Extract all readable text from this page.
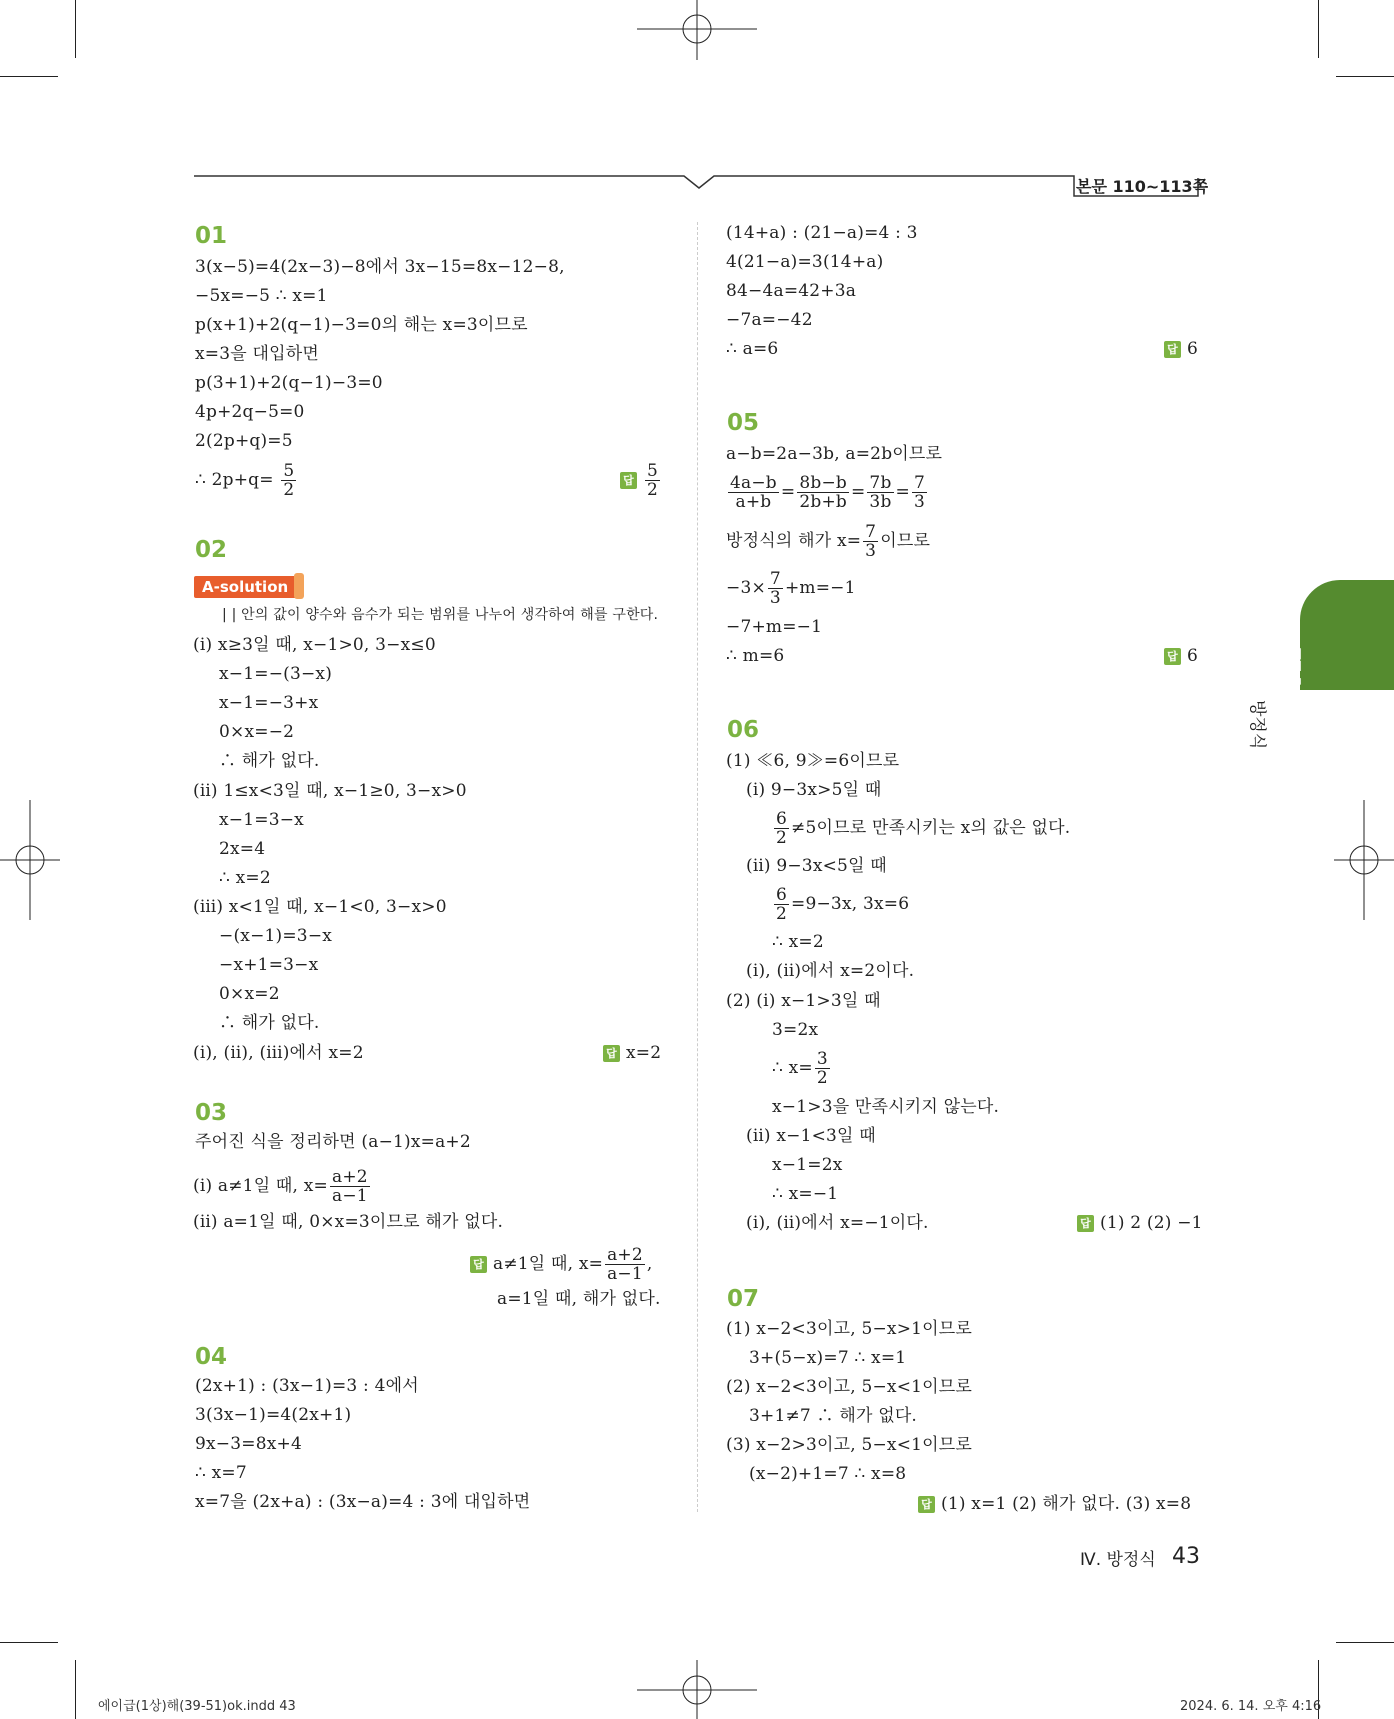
본문 110~113쪽
IV
방정식
01
3(x−5)=4(2x−3)−8에서 3x−15=8x−12−8,
−5x=−5 ∴ x=1
p(x+1)+2(q−1)−3=0의 해는 x=3이므로
x=3을 대입하면
p(3+1)+2(q−1)−3=0
4p+2q−5=0
2(2p+q)=5
∴ $2p+q= \frac{5}{2}$	답 $\frac{5}{2}$
02
A-solution
| | 안의 값이 양수와 음수가 되는 범위를 나누어 생각하여 해를 구한다.
(ⅰ) x≥3일 때, x−1>0, 3−x≤0
x−1=−(3−x)
x−1=−3+x
0×x=−2
∴ 해가 없다.
(ⅱ) 1≤x<3일 때, x−1≥0, 3−x>0
x−1=3−x
2x=4
∴ x=2
(ⅲ) x<1일 때, x−1<0, 3−x>0
−(x−1)=3−x
−x+1=3−x
0×x=2
∴ 해가 없다.
(ⅰ), (ⅱ), (ⅲ)에서 x=2	답 x=2
03
주어진 식을 정리하면 (a−1)x=a+2
(ⅰ) a≠1일 때, $x= \frac{a+2}{a-1}$
(ⅱ) a=1일 때, 0×x=3이므로 해가 없다.
답 a≠1일 때, $x= \frac{a+2}{a-1}$ ,
a=1일 때, 해가 없다.
04
(2x+1) : (3x−1)=3 : 4에서
3(3x−1)=4(2x+1)
9x−3=8x+4
∴ x=7
x=7을 (2x+a) : (3x−a)=4 : 3에 대입하면
(14+a) : (21−a)=4 : 3
4(21−a)=3(14+a)
84−4a=42+3a
−7a=−42
∴ a=6	답 6
05
a−b=2a−3b, a=2b이므로
$\frac{4a-b}{a+b} = \frac{8b-b}{2b+b} = \frac{7b}{3b} = \frac{7}{3}$
방정식의 해가 $x= \frac{7}{3}$ 이므로
$-3\times \frac{7}{3} +m=-1$
−7+m=−1
∴ m=6	답 6
06
(1) ≪6, 9≫=6이므로
(ⅰ) 9−3x>5일 때
$\frac{6}{2} \ne 5$이므로 만족시키는 x의 값은 없다.
(ⅱ) 9−3x<5일 때
$\frac{6}{2} =9-3x$, 3x=6
∴ x=2
(ⅰ), (ⅱ)에서 x=2이다.
(2) (ⅰ) x−1>3일 때
3=2x
∴ $x= \frac{3}{2}$
x−1>3을 만족시키지 않는다.
(ⅱ) x−1<3일 때
x−1=2x
∴ x=−1
(ⅰ), (ⅱ)에서 x=−1이다.	답 (1) 2 (2) −1
07
(1) x−2<3이고, 5−x>1이므로
3+(5−x)=7 ∴ x=1
(2) x−2<3이고, 5−x<1이므로
3+1≠7 ∴ 해가 없다.
(3) x−2>3이고, 5−x<1이므로
(x−2)+1=7 ∴ x=8
답 (1) x=1 (2) 해가 없다. (3) x=8
Ⅳ. 방정식 43
에이급(1상)해(39-51)ok.indd 43	2024. 6. 14. 오후 4:16
